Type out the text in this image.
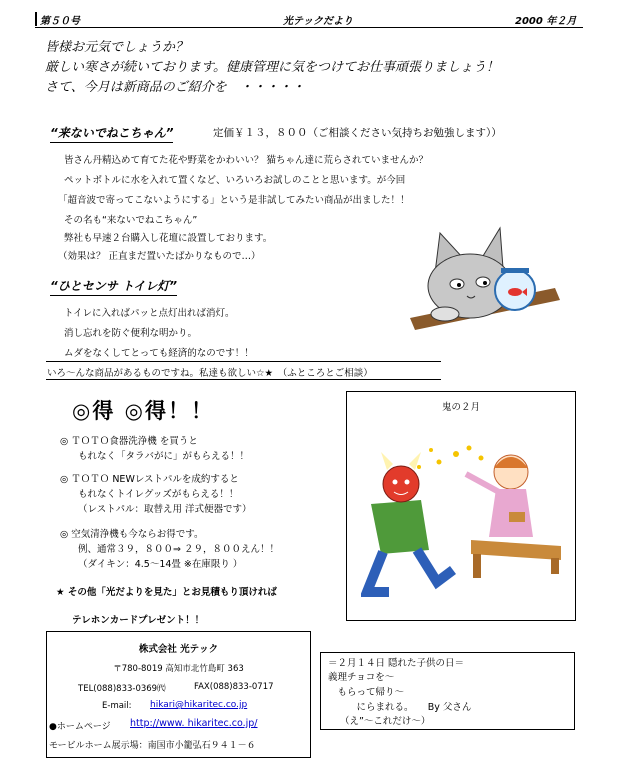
第５０号	光テックだより	2000 年２月
皆様お元気でしょうか？
厳しい寒さが続いております。健康管理に気をつけてお仕事頑張りましょう！
さて、今月は新商品のご紹介を　・・・・・
“来ないでねこちゃん”	定価￥１３，８００（ご相談ください気持ちお勉強します））
皆さん丹精込めて育てた花や野菜をかわいい？ 猫ちゃん達に荒らされていませんか？
ペットボトルに水を入れて置くなど、いろいろお試しのことと思います。が今回
「超音波で寄ってこないようにする」という是非試してみたい商品が出ました！！
その名も“来ないでねこちゃん”
弊社も早速２台購入し花壇に設置しております。
（効果は？ 正直まだ置いたばかりなもので…）
“ひとセンサ トイレ灯”
トイレに入ればパッと点灯出れば消灯。
消し忘れを防ぐ便利な明かり。
ムダをなくしてとっても経済的なのです！！
いろ～んな商品があるものですね。私達も欲しい☆★　（ふところとご相談）
◎得 ◎得！！
◎ ＴＯＴＯ食器洗浄機 を買うと
もれなく「タラバがに」がもらえる！！
◎ ＴＯＴＯ NEWレストパルを成約すると
もれなくトイレグッズがもらえる！！
（レストパル：取替え用 洋式便器です）
◎ 空気清浄機も今ならお得です。
例、通常３９，８００⇒ ２９，８００えん！！
（ダイキン：4.5～14畳 ※在庫限り ）
★ その他「光だよりを見た」とお見積もり頂ければ
テレホンカードプレゼント！！
鬼の２月
株式会社 光テック
〒780-8019 高知市北竹島町 363
TEL(088)833-0369㈹	FAX(088)833-0717
E-mail: hikari@hikaritec.co.jp
●ホームページ http://www. hikaritec.co.jp/
モービルホーム展示場：南国市小籠弘石９４１－６
＝２月１４日 隠れた子供の日＝
義理チョコを～
　もらって帰り～
　　　にらまれる。　　By 父さん
（え”～これだけ～）
